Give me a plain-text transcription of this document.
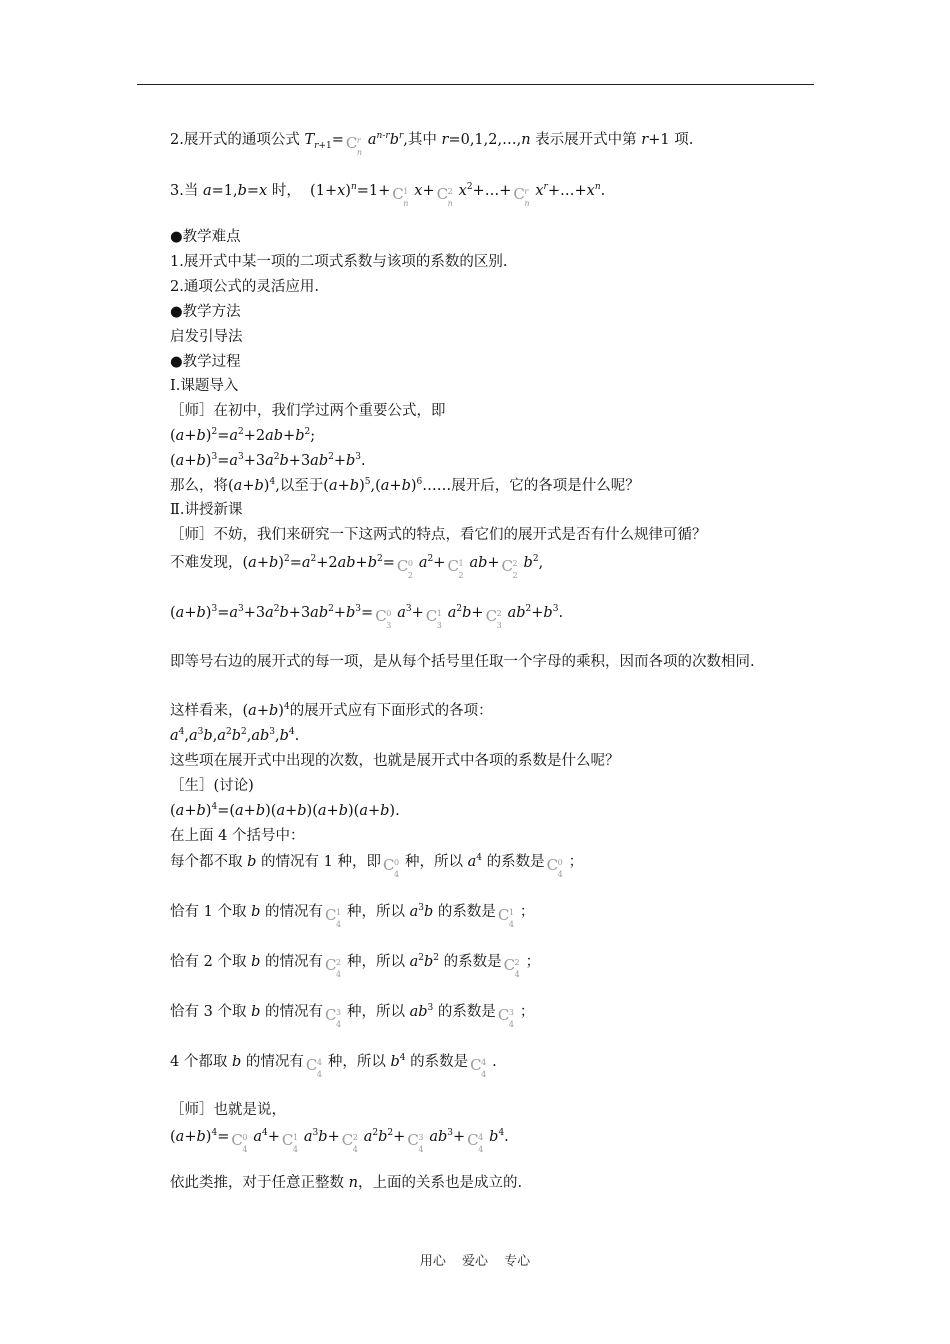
2.展开式的通项公式 $T_{r+1}= C$ r
n
$a^{n-r}b^r$,其中 r=0,1,2,…,n 表示展开式中第 r+1 项.
3.当 a=1,b=x 时，  $(1+x)^n=1+ C$ 1
n
x+ C 2
n
$x^2+\dots+ C$ r
n
$x^r+\dots+x^n$.
●教学难点
1.展开式中某一项的二项式系数与该项的系数的区别.
2.通项公式的灵活应用.
●教学方法
启发引导法
●教学过程
Ⅰ.课题导入
［师］在初中，我们学过两个重要公式，即
$(a+b)^2=a^2+2ab+b^2$;
$(a+b)^3=a^3+3a^2b+3ab^2+b^3$.
那么，将$(a+b)^4$,以至于$(a+b)^5,(a+b)^6\dots\dots$展开后，它的各项是什么呢？
Ⅱ.讲授新课
［师］不妨，我们来研究一下这两式的特点，看它们的展开式是否有什么规律可循？
不难发现，$(a+b)^2=a^2+2ab+b^2= C$ 0
2
$a^2+ C$ 1
2
ab+ C 2
2
$b^2$,
$(a+b)^3=a^3+3a^2b+3ab^2+b^3= C$ 0
3
$a^3+ C$ 1
3
$a^2b+ C$ 2
3
$ab^2+b^3$.
即等号右边的展开式的每一项，是从每个括号里任取一个字母的乘积，因而各项的次数相同.
这样看来，$(a+b)^4$的展开式应有下面形式的各项：
$a^4,a^3b,a^2b^2,ab^3,b^4$.
这些项在展开式中出现的次数，也就是展开式中各项的系数是什么呢？
［生］(讨论)
$(a+b)^4=(a+b)(a+b)(a+b)(a+b)$.
在上面 4 个括号中：
每个都不取 b 的情况有 1 种，即 C 0
4
种，所以 $a^4$ 的系数是 C 0
4
；
恰有 1 个取 b 的情况有 C 1
4
种，所以 $a^3b$ 的系数是 C 1
4
；
恰有 2 个取 b 的情况有 C 2
4
种，所以 $a^2b^2$ 的系数是 C 2
4
；
恰有 3 个取 b 的情况有 C 3
4
种，所以 $ab^3$ 的系数是 C 3
4
；
4 个都取 b 的情况有 C 4
4
种，所以 $b^4$ 的系数是 C 4
4
.
［师］也就是说，
$(a+b)^4= C$ 0
4
$a^4+ C$ 1
4
$a^3b+ C$ 2
4
$a^2b^2+ C$ 3
4
$ab^3+ C$ 4
4
$b^4$.
依此类推，对于任意正整数 n，上面的关系也是成立的.
用心 爱心 专心
